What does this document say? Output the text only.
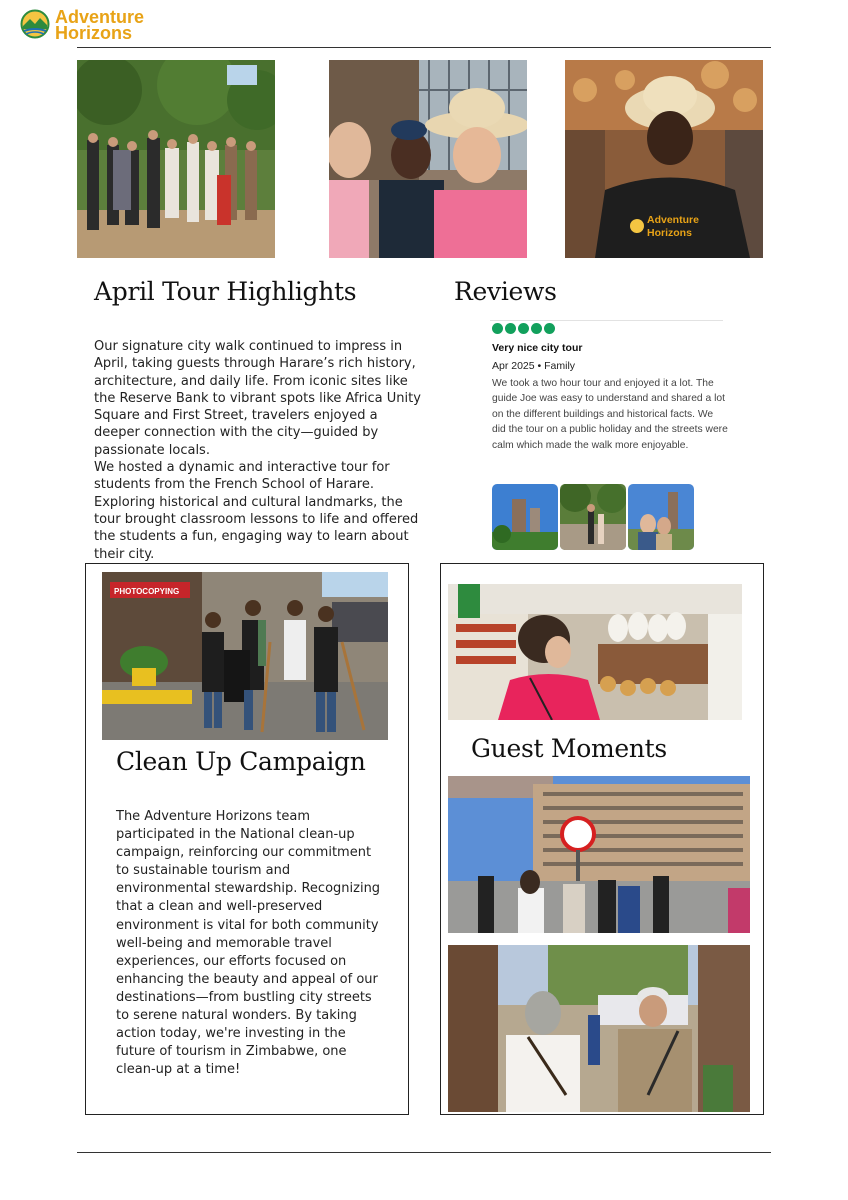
Adventure
Horizons
Adventure
Horizons
April Tour Highlights
Our signature city walk continued to impress in April, taking guests through Harare’s rich history, architecture, and daily life. From iconic sites like the Reserve Bank to vibrant spots like Africa Unity Square and First Street, travelers enjoyed a deeper connection with the city—guided by passionate locals.
We hosted a dynamic and interactive tour for students from the French School of Harare. Exploring historical and cultural landmarks, the tour brought classroom lessons to life and offered the students a fun, engaging way to learn about their city.
Reviews
Very nice city tour
Apr 2025 • Family
We took a two hour tour and enjoyed it a lot. The guide Joe was easy to understand and shared a lot on the different buildings and historical facts. We did the tour on a public holiday and the streets were calm which made the walk more enjoyable.
PHOTOCOPYING
Clean Up Campaign
The Adventure Horizons team participated in the National clean-up campaign, reinforcing our commitment to sustainable tourism and environmental stewardship. Recognizing that a clean and well-preserved environment is vital for both community well-being and memorable travel experiences, our efforts focused on enhancing the beauty and appeal of our destinations—from bustling city streets to serene natural wonders. By taking action today, we're investing in the future of tourism in Zimbabwe, one clean-up at a time!
Guest Moments
